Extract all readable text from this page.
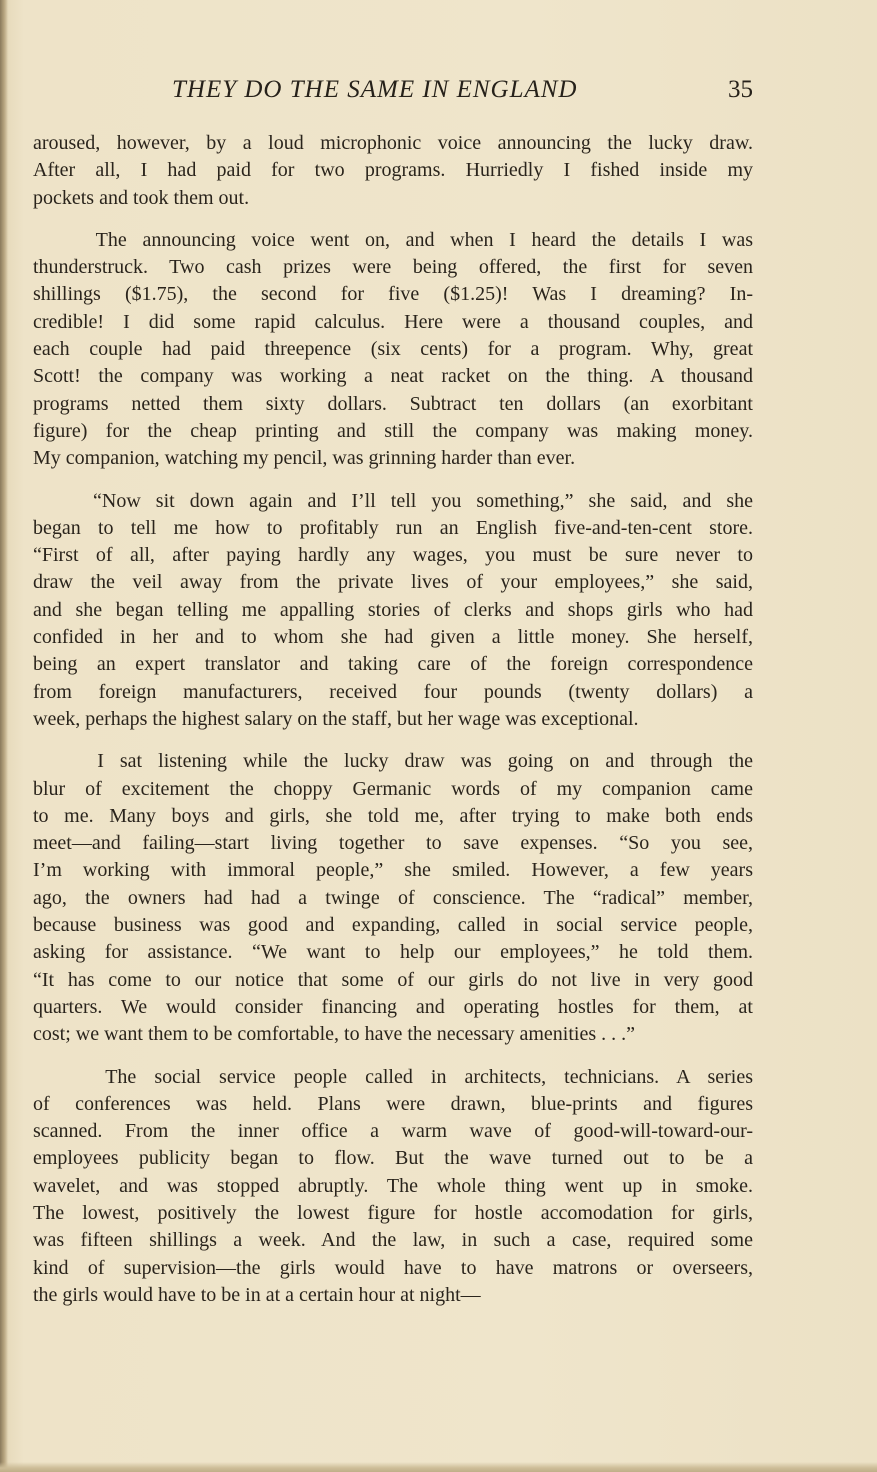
THEY DO THE SAME IN ENGLAND	35
aroused, however, by a loud microphonic voice announcing the lucky draw.
After all, I had paid for two programs. Hurriedly I fished inside my
pockets and took them out.
The announcing voice went on, and when I heard the details I was
thunderstruck. Two cash prizes were being offered, the first for seven
shillings ($1.75), the second for five ($1.25)! Was I dreaming? In-
credible! I did some rapid calculus. Here were a thousand couples, and
each couple had paid threepence (six cents) for a program. Why, great
Scott! the company was working a neat racket on the thing. A thousand
programs netted them sixty dollars. Subtract ten dollars (an exorbitant
figure) for the cheap printing and still the company was making money.
My companion, watching my pencil, was grinning harder than ever.
“Now sit down again and I’ll tell you something,” she said, and she
began to tell me how to profitably run an English five-and-ten-cent store.
“First of all, after paying hardly any wages, you must be sure never to
draw the veil away from the private lives of your employees,” she said,
and she began telling me appalling stories of clerks and shops girls who had
confided in her and to whom she had given a little money. She herself,
being an expert translator and taking care of the foreign correspondence
from foreign manufacturers, received four pounds (twenty dollars) a
week, perhaps the highest salary on the staff, but her wage was exceptional.
I sat listening while the lucky draw was going on and through the
blur of excitement the choppy Germanic words of my companion came
to me. Many boys and girls, she told me, after trying to make both ends
meet—and failing—start living together to save expenses. “So you see,
I’m working with immoral people,” she smiled. However, a few years
ago, the owners had had a twinge of conscience. The “radical” member,
because business was good and expanding, called in social service people,
asking for assistance. “We want to help our employees,” he told them.
“It has come to our notice that some of our girls do not live in very good
quarters. We would consider financing and operating hostles for them, at
cost; we want them to be comfortable, to have the necessary amenities . . .”
The social service people called in architects, technicians. A series
of conferences was held. Plans were drawn, blue-prints and figures
scanned. From the inner office a warm wave of good-will-toward-our-
employees publicity began to flow. But the wave turned out to be a
wavelet, and was stopped abruptly. The whole thing went up in smoke.
The lowest, positively the lowest figure for hostle accomodation for girls,
was fifteen shillings a week. And the law, in such a case, required some
kind of supervision—the girls would have to have matrons or overseers,
the girls would have to be in at a certain hour at night—
